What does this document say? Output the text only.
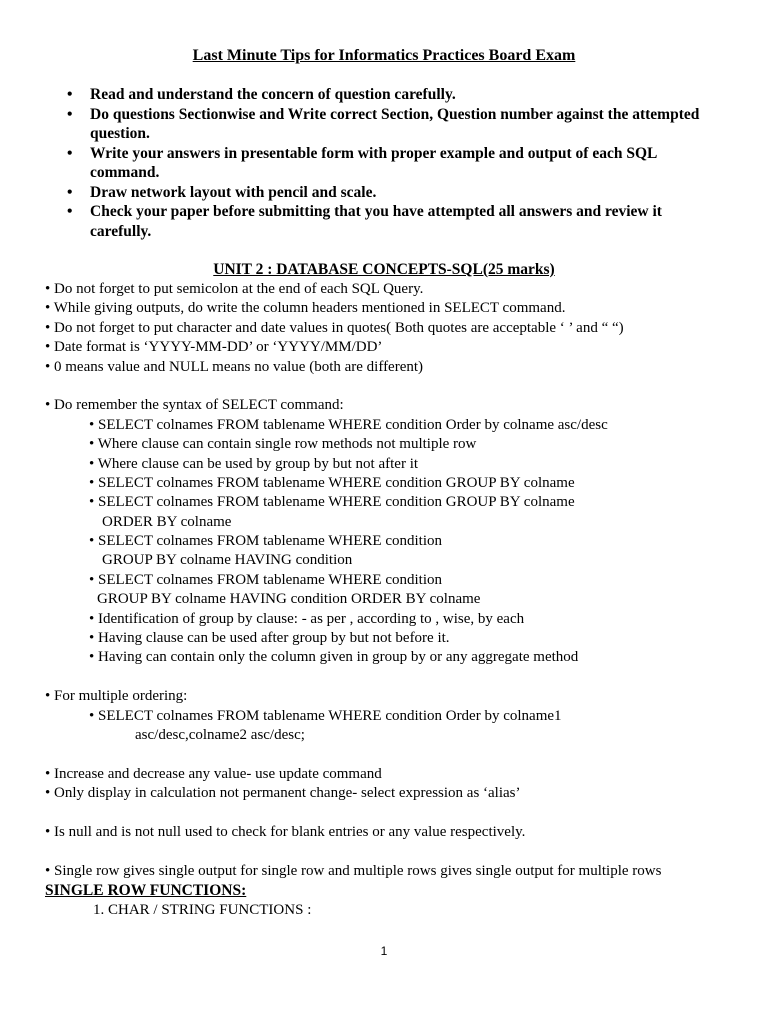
Last Minute Tips for Informatics Practices Board Exam
• Read and understand the concern of question carefully.
• Do questions Sectionwise and Write correct Section, Question number against the attempted question.
• Write your answers in presentable form with proper example and output of each SQL command.
• Draw network layout with pencil and scale.
• Check your paper before submitting that you have attempted all answers and review it carefully.
UNIT 2 : DATABASE CONCEPTS-SQL(25 marks)
• Do not forget to put semicolon at the end of each SQL Query.
• While giving outputs, do write the column headers mentioned in SELECT command.
• Do not forget to put character and date values in quotes( Both quotes are acceptable ‘ ’ and “ “)
• Date format is ‘YYYY-MM-DD’ or ‘YYYY/MM/DD’
• 0 means value and NULL means no value (both are different)
• Do remember the syntax of SELECT command:
• SELECT colnames FROM tablename WHERE condition Order by colname asc/desc
• Where clause can contain single row methods not multiple row
• Where clause can be used by group by but not after it
• SELECT colnames FROM tablename WHERE condition GROUP BY colname
• SELECT colnames FROM tablename WHERE condition GROUP BY colname
ORDER BY colname
• SELECT colnames FROM tablename WHERE condition
GROUP BY colname HAVING condition
• SELECT colnames FROM tablename WHERE condition
GROUP BY colname HAVING condition ORDER BY colname
• Identification of group by clause: - as per , according to , wise, by each
• Having clause can be used after group by but not before it.
• Having can contain only the column given in group by or any aggregate method
• For multiple ordering:
• SELECT colnames FROM tablename WHERE condition Order by colname1
asc/desc,colname2 asc/desc;
• Increase and decrease any value- use update command
• Only display in calculation not permanent change- select expression as ‘alias’
• Is null and is not null used to check for blank entries or any value respectively.
• Single row gives single output for single row and multiple rows gives single output for multiple rows
SINGLE ROW FUNCTIONS:
1. CHAR / STRING FUNCTIONS :
1
